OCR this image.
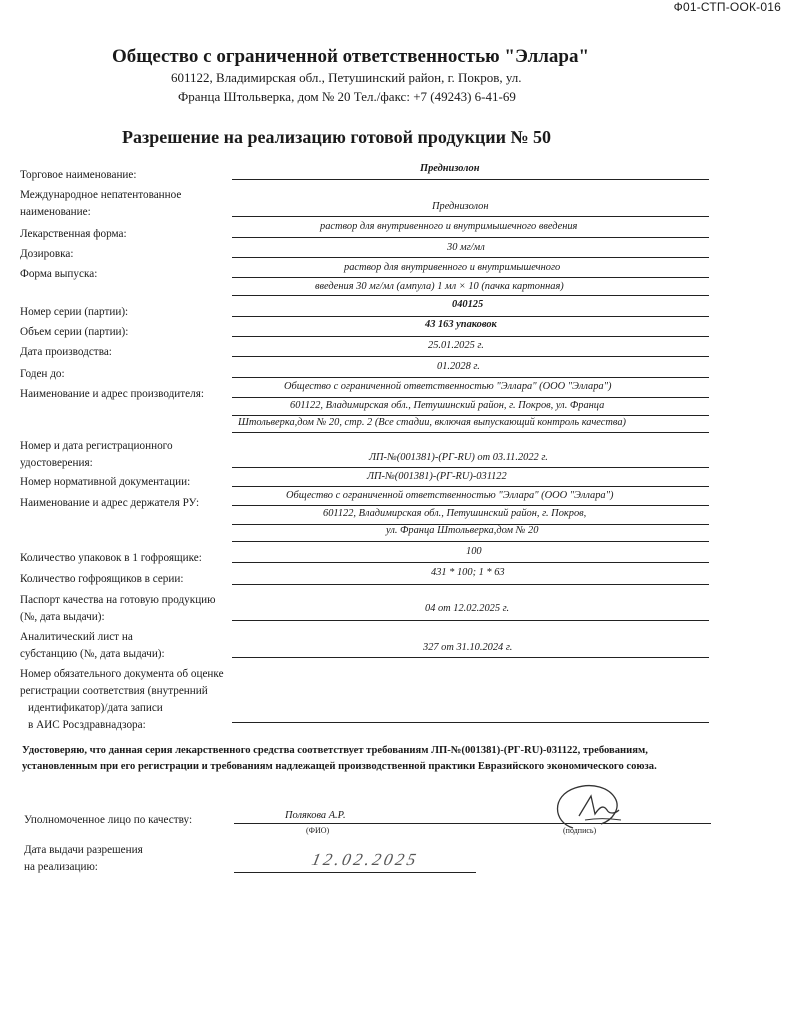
Ф01-СТП-ООК-016
Общество с ограниченной ответственностью "Эллара"
601122, Владимирская обл., Петушинский район, г. Покров, ул.
Франца Штольверка, дом № 20 Тел./факс: +7 (49243) 6-41-69
Разрешение на реализацию готовой продукции № 50
Торговое наименование:
Преднизолон
Международное непатентованное
наименование:	Преднизолон
Лекарственная форма:
раствор для внутривенного и внутримышечного введения
Дозировка:
30 мг/мл
Форма выпуска:
раствор для внутривенного и внутримышечного
введения 30 мг/мл (ампула) 1 мл × 10 (пачка картонная)
Номер серии (партии):
040125
Объем серии (партии):
43 163 упаковок
Дата производства:
25.01.2025 г.
Годен до:
01.2028 г.
Наименование и адрес производителя:
Общество с ограниченной ответственностью "Эллара" (ООО "Эллара")
601122, Владимирская обл., Петушинский район, г. Покров, ул. Франца
Штольверка,дом № 20, стр. 2 (Все стадии, включая выпускающий контроль качества)
Номер и дата регистрационного
удостоверения:	ЛП-№(001381)-(РГ-RU) от 03.11.2022 г.
Номер нормативной документации:	ЛП-№(001381)-(РГ-RU)-031122
Наименование и адрес держателя РУ:
Общество с ограниченной ответственностью "Эллара" (ООО "Эллара")
601122, Владимирская обл., Петушинский район, г. Покров,
ул. Франца Штольверка,дом № 20
Количество упаковок в 1 гофроящике:
100
Количество гофроящиков в серии:
431 * 100; 1 * 63
Паспорт качества на готовую продукцию
(№, дата выдачи):
04 от 12.02.2025 г.
Аналитический лист на
субстанцию (№, дата выдачи):
327 от 31.10.2024 г.
Номер обязательного документа об оценке
регистрации соответствия (внутренний
идентификатор)/дата записи
в АИС Росздравнадзора:
Удостоверяю, что данная серия лекарственного средства соответствует требованиям ЛП-№(001381)-(РГ-RU)-031122, требованиям, установленным при его регистрации и требованиям надлежащей производственной практики Евразийского экономического союза.
Уполномоченное лицо по качеству:	Полякова А.Р.
(ФИО)	(подпись)
Дата выдачи разрешения
на реализацию:	12.02.2025
